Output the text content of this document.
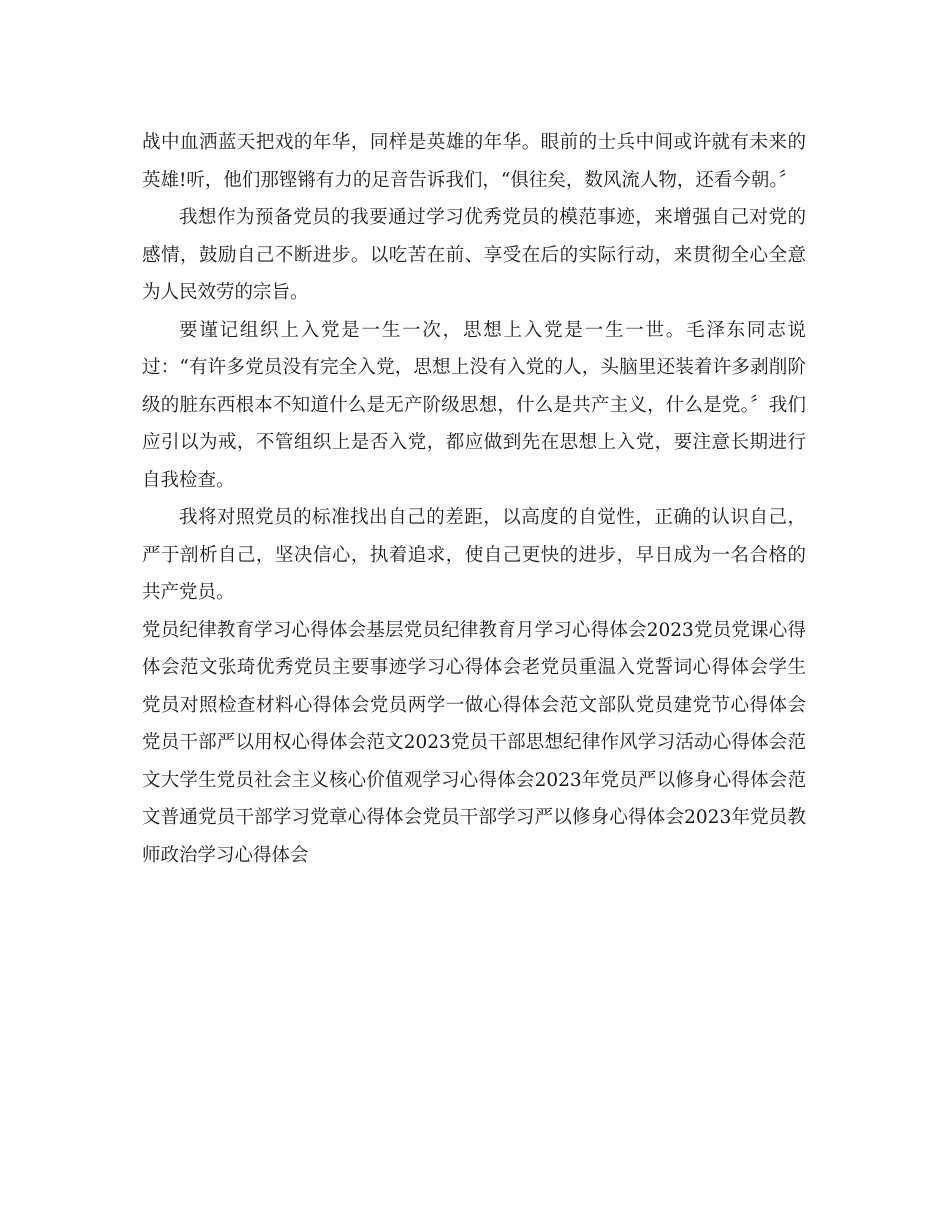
战中血洒蓝天把戏的年华，同样是英雄的年华。眼前的士兵中间或许就有未来的英雄!听，他们那铿锵有力的足音告诉我们，“俱往矣，数风流人物，还看今朝。〞

我想作为预备党员的我要通过学习优秀党员的模范事迹，来增强自己对党的感情，鼓励自己不断进步。以吃苦在前、享受在后的实际行动，来贯彻全心全意为人民效劳的宗旨。

要谨记组织上入党是一生一次，思想上入党是一生一世。毛泽东同志说过：“有许多党员没有完全入党，思想上没有入党的人，头脑里还装着许多剥削阶级的脏东西根本不知道什么是无产阶级思想，什么是共产主义，什么是党。〞我们应引以为戒，不管组织上是否入党，都应做到先在思想上入党，要注意长期进行自我检查。

我将对照党员的标准找出自己的差距，以高度的自觉性，正确的认识自己，严于剖析自己，坚决信心，执着追求，使自己更快的进步，早日成为一名合格的共产党员。

党员纪律教育学习心得体会基层党员纪律教育月学习心得体会2023党员党课心得体会范文张琦优秀党员主要事迹学习心得体会老党员重温入党誓词心得体会学生党员对照检查材料心得体会党员两学一做心得体会范文部队党员建党节心得体会党员干部严以用权心得体会范文2023党员干部思想纪律作风学习活动心得体会范文大学生党员社会主义核心价值观学习心得体会2023年党员严以修身心得体会范文普通党员干部学习党章心得体会党员干部学习严以修身心得体会2023年党员教师政治学习心得体会
